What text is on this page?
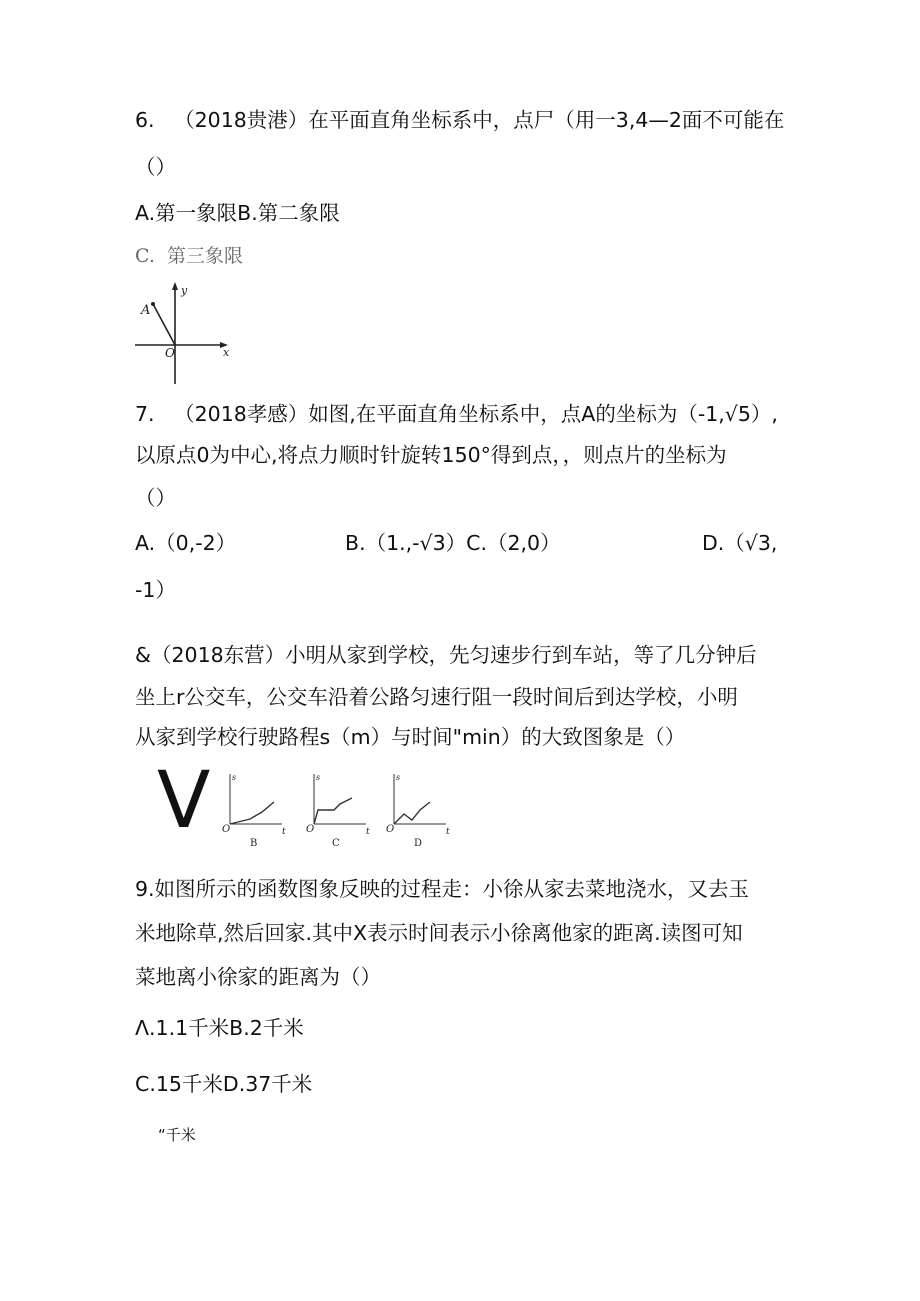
6.   （2018贵港）在平面直角坐标系中，点尸（用一3,4—2面不可能在
（）
A.第一象限B.第二象限
C.  第三象限
A
y
x
O
7.   （2018孝感）如图,在平面直角坐标系中，点A的坐标为（-1,√5）,
以原点0为中心,将点力顺时针旋转150°得到点，，则点片的坐标为
（）
A.（0,-2）	B.（1.,-√3）C.（2,0）	D.（√3,
-1）
&（2018东营）小明从家到学校，先匀速步行到车站，等了几分钟后
坐上r公交车，公交车沿着公路匀速行阻一段时间后到达学校，小明
从家到学校行驶路程s（m）与时间"min）的大致图象是（）
V	s
t
O
B
s
t
O
C
s
t
O
D
9.如图所示的函数图象反映的过程走：小徐从家去菜地浇水，又去玉
米地除草,然后回家.其中X表示时间表示小徐离他家的距离.读图可知
菜地离小徐家的距离为（）
Λ.1.1千米B.2千米
C.15千米D.37千米
“千米
